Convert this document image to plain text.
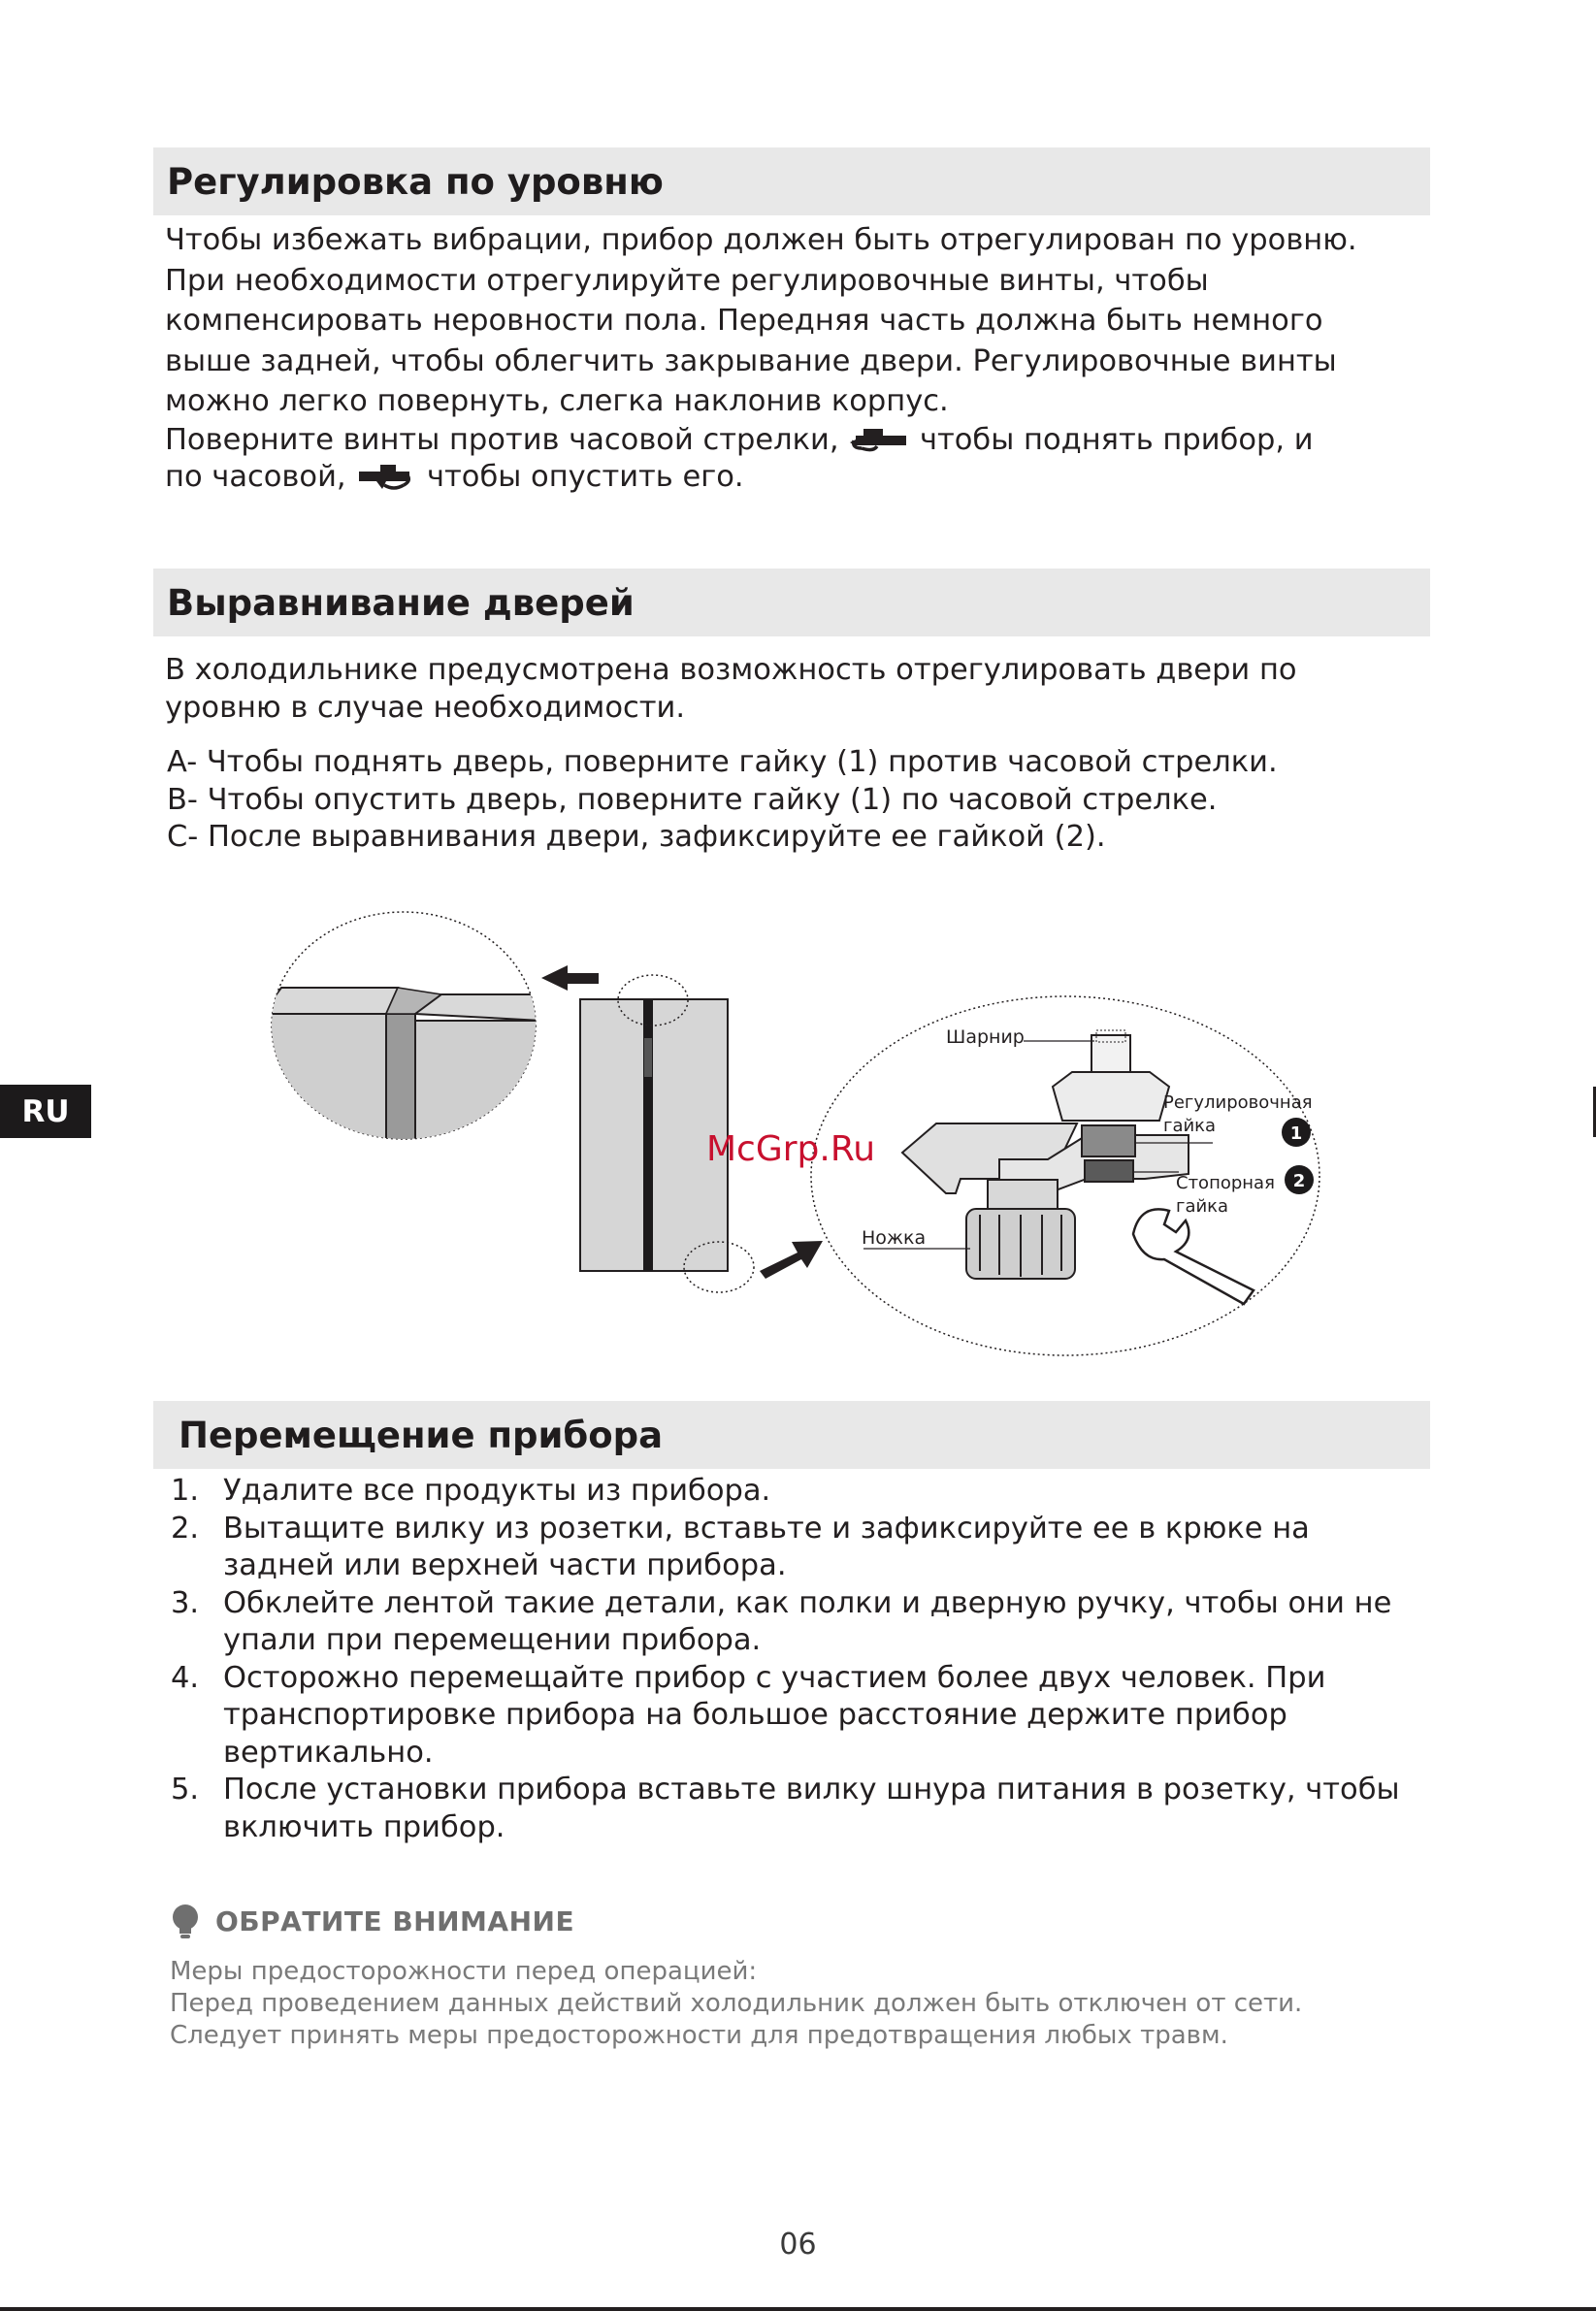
Регулировка по уровню

Чтобы избежать вибрации, прибор должен быть отрегулирован по уровню.

При необходимости отрегулируйте регулировочные винты, чтобы

компенсировать неровности пола. Передняя часть должна быть немного

выше задней, чтобы облегчить закрывание двери. Регулировочные винты

можно легко повернуть, слегка наклонив корпус.

Поверните винты против часовой стрелки,	чтобы поднять прибор, и

по часовой,	чтобы опустить его.

Выравнивание дверей

В холодильнике предусмотрена возможность отрегулировать двери по

уровню в случае необходимости.

A- Чтобы поднять дверь, поверните гайку (1) против часовой стрелки.

B- Чтобы опустить дверь, поверните гайку (1) по часовой стрелке.

C- После выравнивания двери, зафиксируйте ее гайкой (2).

Шарнир
Регулировочная
гайка
Стопорная
гайка
Ножка
1
2
McGrp.Ru
Перемещение прибора
1. Удалите все продукты из прибора.
2. Вытащите вилку из розетки, вставьте и зафиксируйте ее в крюке на
задней или верхней части прибора.
3. Обклейте лентой такие детали, как полки и дверную ручку, чтобы они не
упали при перемещении прибора.
4. Осторожно перемещайте прибор с участием более двух человек. При
транспортировке прибора на большое расстояние держите прибор
вертикально.
5. После установки прибора вставьте вилку шнура питания в розетку, чтобы
включить прибор.
ОБРАТИТЕ ВНИМАНИЕ

Меры предосторожности перед операцией:

Перед проведением данных действий холодильник должен быть отключен от сети.

Следует принять меры предосторожности для предотвращения любых травм.

RU
06
